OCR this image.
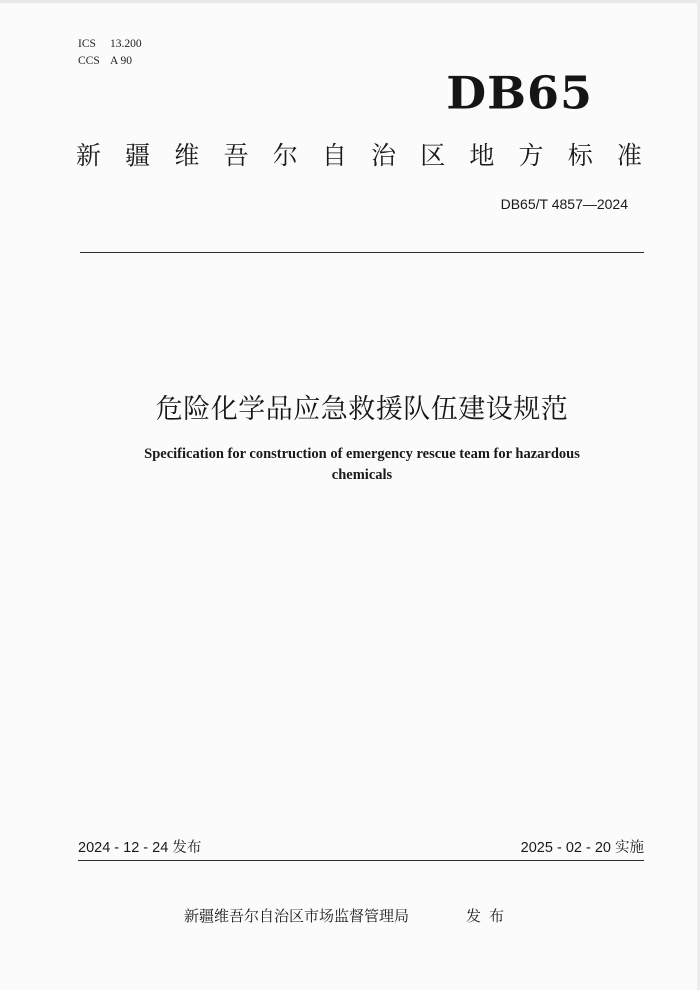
ICS 13.200
CCS A 90
DB65
新 疆 维 吾 尔 自 治 区 地 方 标 准
DB65/T 4857—2024
危险化学品应急救援队伍建设规范
Specification for construction of emergency rescue team for hazardous
chemicals
2024 - 12 - 24 发布	2025 - 02 - 20 实施
新疆维吾尔自治区市场监督管理局	发布
